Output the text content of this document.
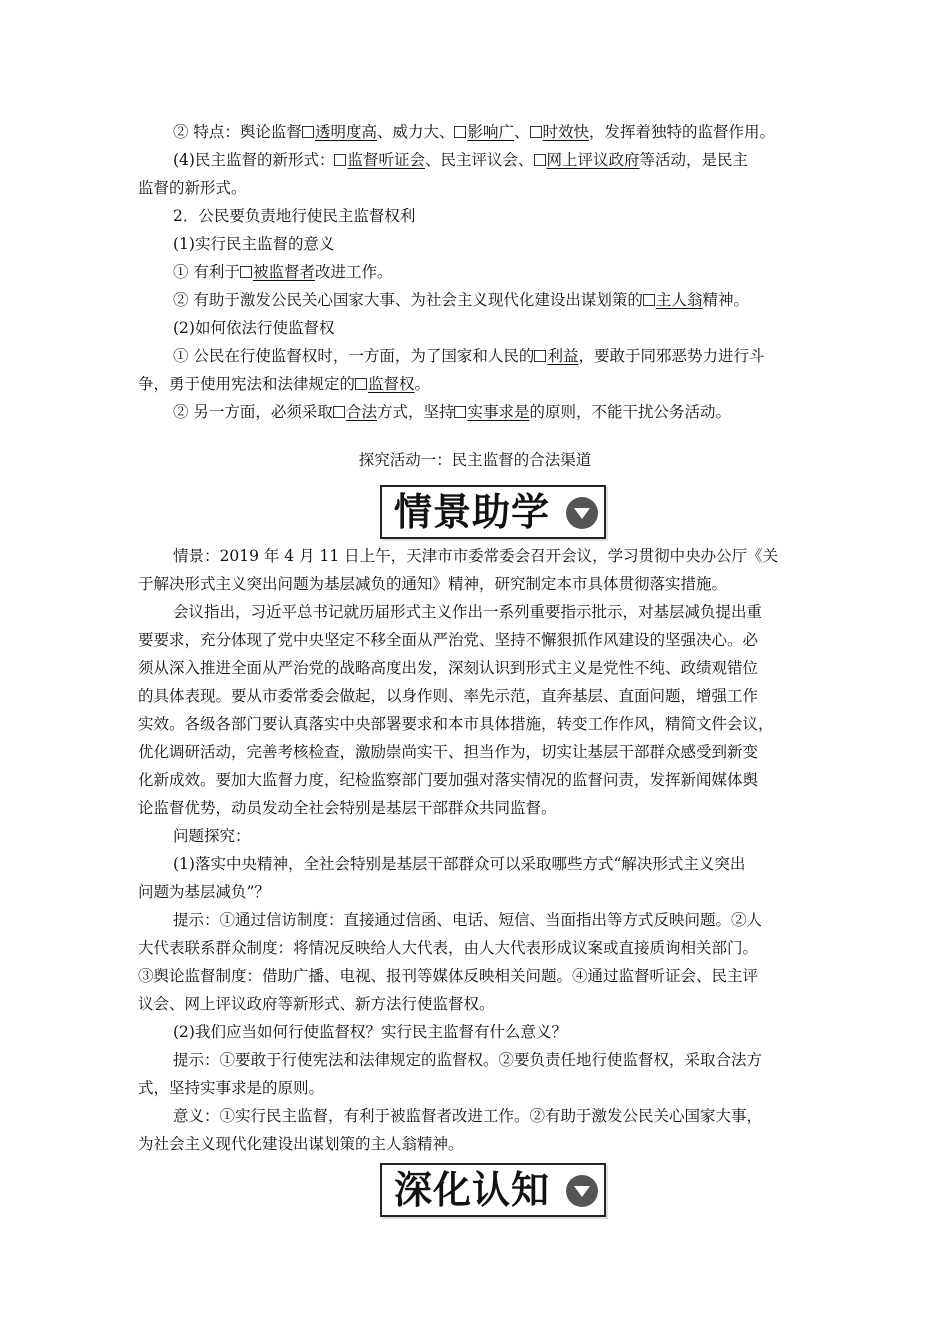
② 特点：舆论监督 透明度高、威力大、 影响广、 时效快，发挥着独特的监督作用。
(4)民主监督的新形式： 监督听证会、民主评议会、 网上评议政府等活动，是民主
监督的新形式。
2．公民要负责地行使民主监督权利
(1)实行民主监督的意义
① 有利于 被监督者改进工作。
② 有助于激发公民关心国家大事、为社会主义现代化建设出谋划策的 主人翁精神。
(2)如何依法行使监督权
① 公民在行使监督权时，一方面，为了国家和人民的 利益，要敢于同邪恶势力进行斗
争，勇于使用宪法和法律规定的 监督权。
② 另一方面，必须采取 合法方式，坚持 实事求是的原则，不能干扰公务活动。
探究活动一：民主监督的合法渠道
情景助学
情景：2019 年 4 月 11 日上午，天津市市委常委会召开会议，学习贯彻中央办公厅《关
于解决形式主义突出问题为基层减负的通知》精神，研究制定本市具体贯彻落实措施。
会议指出，习近平总书记就历届形式主义作出一系列重要指示批示，对基层减负提出重
要要求，充分体现了党中央坚定不移全面从严治党、坚持不懈狠抓作风建设的坚强决心。必
须从深入推进全面从严治党的战略高度出发，深刻认识到形式主义是党性不纯、政绩观错位
的具体表现。要从市委常委会做起，以身作则、率先示范，直奔基层、直面问题，增强工作
实效。各级各部门要认真落实中央部署要求和本市具体措施，转变工作作风，精简文件会议，
优化调研活动，完善考核检查，激励崇尚实干、担当作为，切实让基层干部群众感受到新变
化新成效。要加大监督力度，纪检监察部门要加强对落实情况的监督问责，发挥新闻媒体舆
论监督优势，动员发动全社会特别是基层干部群众共同监督。
问题探究：
(1)落实中央精神，全社会特别是基层干部群众可以采取哪些方式“解决形式主义突出
问题为基层减负”？
提示：①通过信访制度：直接通过信函、电话、短信、当面指出等方式反映问题。②人
大代表联系群众制度：将情况反映给人大代表，由人大代表形成议案或直接质询相关部门。
③舆论监督制度：借助广播、电视、报刊等媒体反映相关问题。④通过监督听证会、民主评
议会、网上评议政府等新形式、新方法行使监督权。
(2)我们应当如何行使监督权？实行民主监督有什么意义？
提示：①要敢于行使宪法和法律规定的监督权。②要负责任地行使监督权，采取合法方
式，坚持实事求是的原则。
意义：①实行民主监督，有利于被监督者改进工作。②有助于激发公民关心国家大事，
为社会主义现代化建设出谋划策的主人翁精神。
深化认知
